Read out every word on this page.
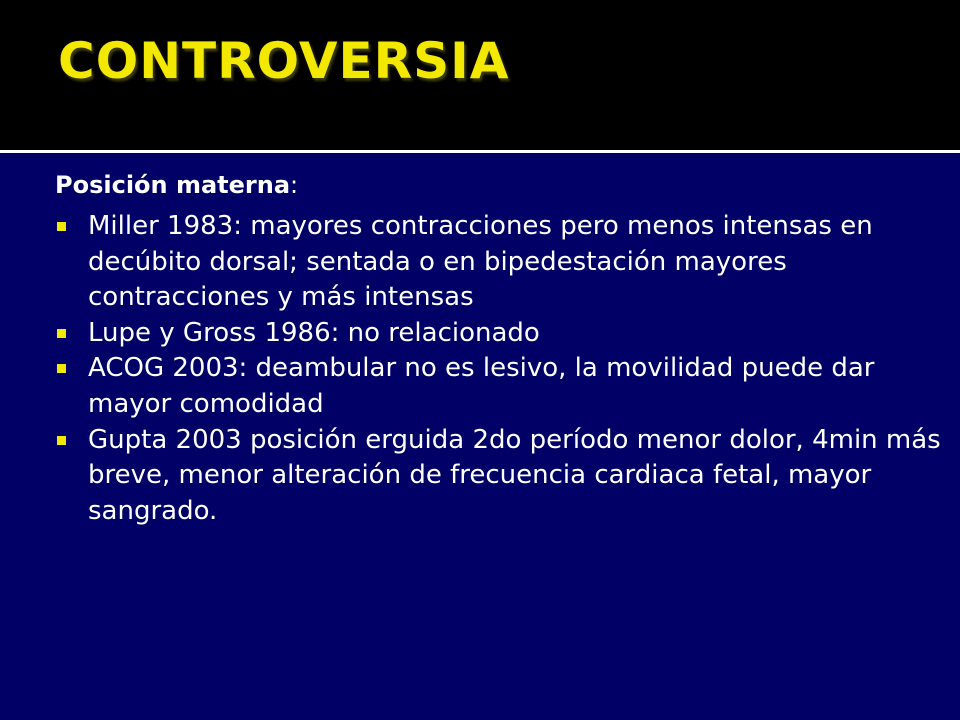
CONTROVERSIA

Posición materna:

Miller 1983: mayores contracciones pero menos intensas en decúbito dorsal; sentada o en bipedestación mayores contracciones y más intensas
Lupe y Gross 1986: no relacionado
ACOG 2003: deambular no es lesivo, la movilidad puede dar mayor comodidad
Gupta 2003 posición erguida 2do período menor dolor, 4min más breve, menor alteración de frecuencia cardiaca fetal, mayor sangrado.
